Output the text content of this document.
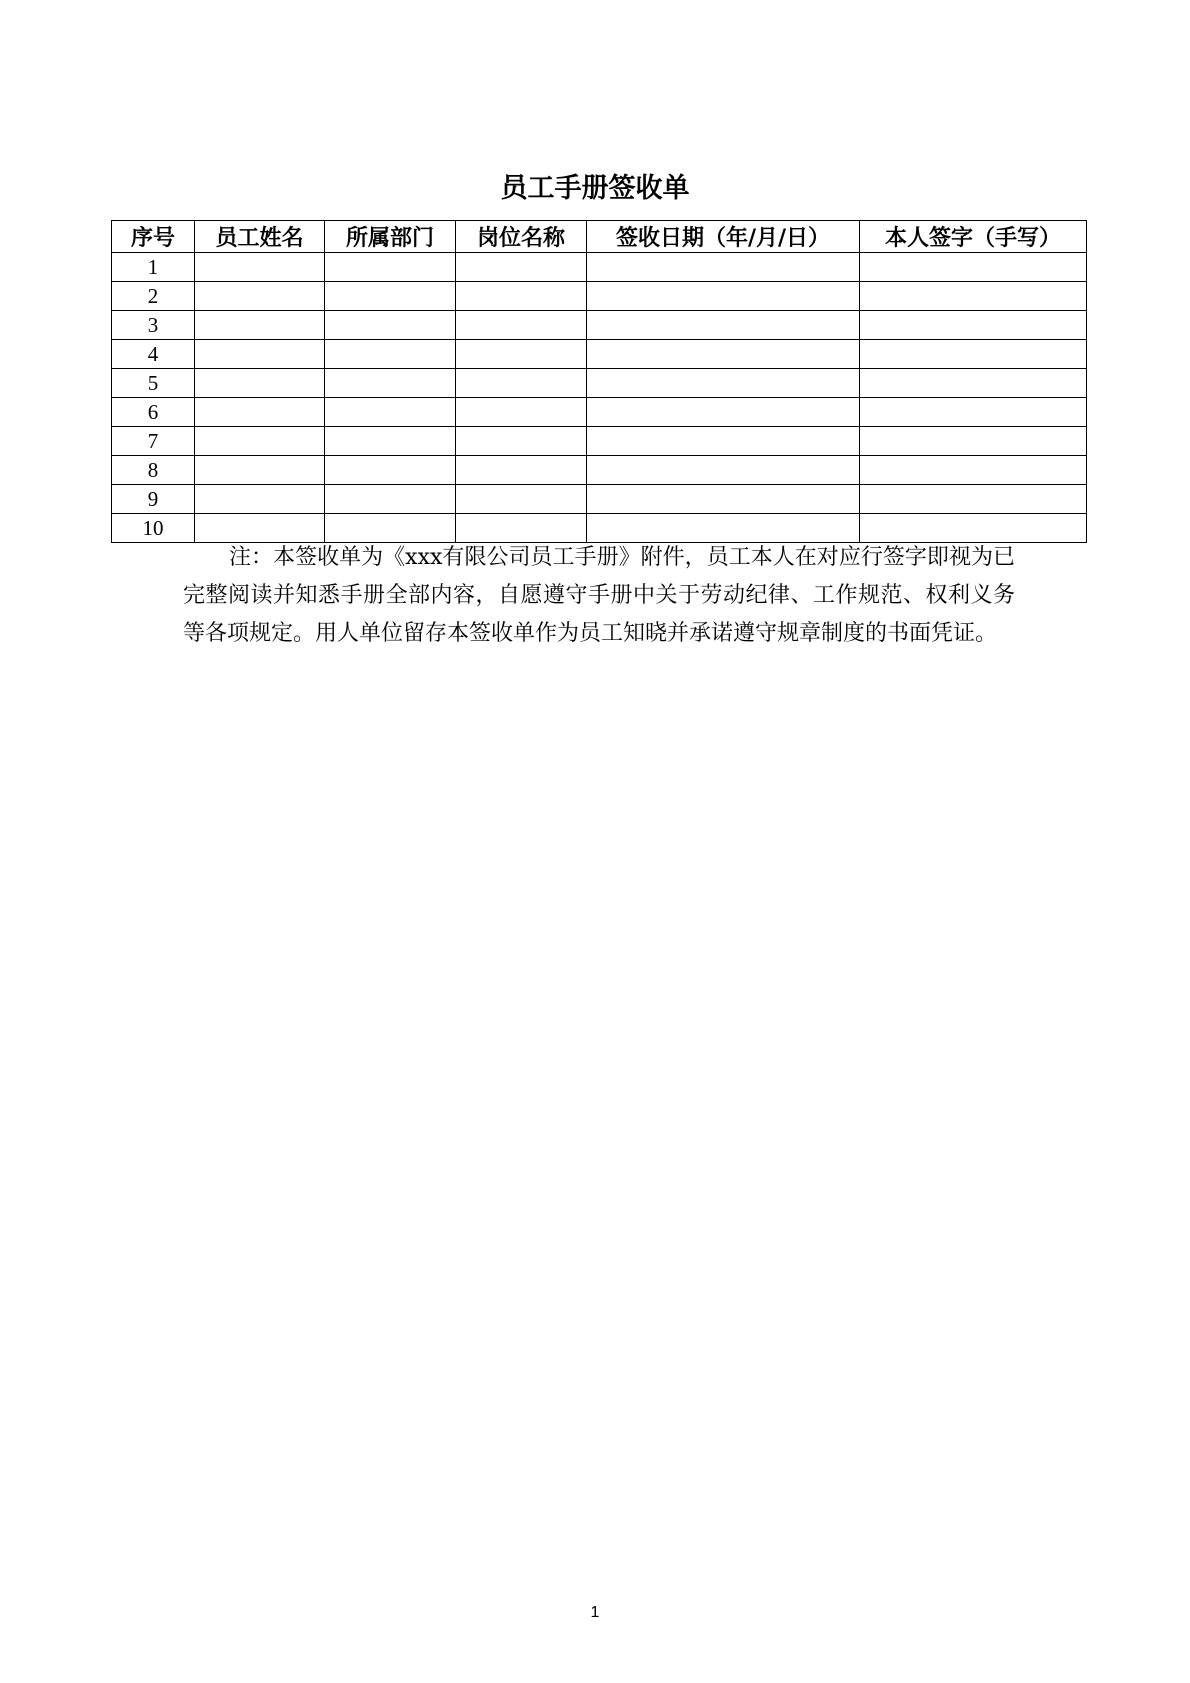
员工手册签收单
序号	员工姓名	所属部门	岗位名称	签收日期（年/月/日）	本人签字（手写）
1					
2					
3					
4					
5					
6					
7					
8					
9					
10					
注：本签收单为《xxx有限公司员工手册》附件，员工本人在对应行签字即视为已完整阅读并知悉手册全部内容，自愿遵守手册中关于劳动纪律、工作规范、权利义务等各项规定。用人单位留存本签收单作为员工知晓并承诺遵守规章制度的书面凭证。
1
